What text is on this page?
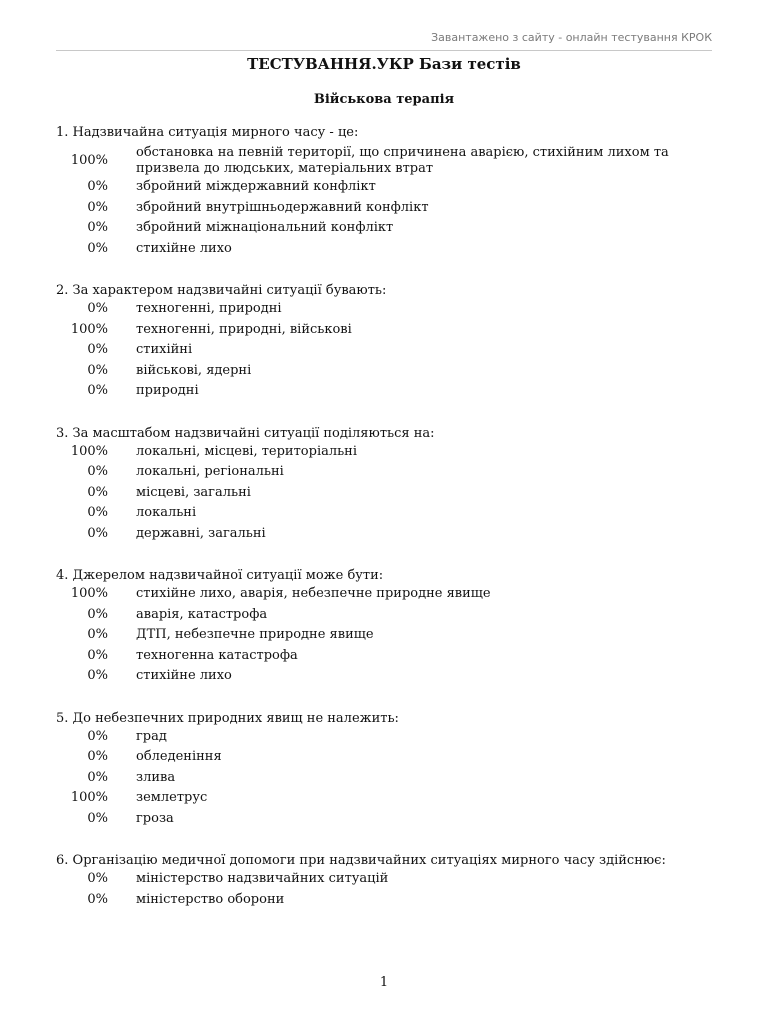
Завантажено з сайту - онлайн тестування КРОК
ТЕСТУВАННЯ.УКР Бази тестів
Військова терапія
1. Надзвичайна ситуація мирного часу - це:
100%
обстановка на певній території, що спричинена аварією, стихійним лихом та призвела до людських, матеріальних втрат
0% збройний міждержавний конфлікт
0% збройний внутрішньодержавний конфлікт
0% збройний міжнаціональний конфлікт
0% стихійне лихо
2. За характером надзвичайні ситуації бувають:
0% техногенні, природні
100% техногенні, природні, військові
0% стихійні
0% військові, ядерні
0% природні
3. За масштабом надзвичайні ситуації поділяються на:
100% локальні, місцеві, територіальні
0% локальні, регіональні
0% місцеві, загальні
0% локальні
0% державні, загальні
4. Джерелом надзвичайної ситуації може бути:
100% стихійне лихо, аварія, небезпечне природне явище
0% аварія, катастрофа
0% ДТП, небезпечне природне явище
0% техногенна катастрофа
0% стихійне лихо
5. До небезпечних природних явищ не належить:
0% град
0% обледеніння
0% злива
100% землетрус
0% гроза
6. Організацію медичної допомоги при надзвичайних ситуаціях мирного часу здійснює:
0% міністерство надзвичайних ситуацій
0% міністерство оборони
1
